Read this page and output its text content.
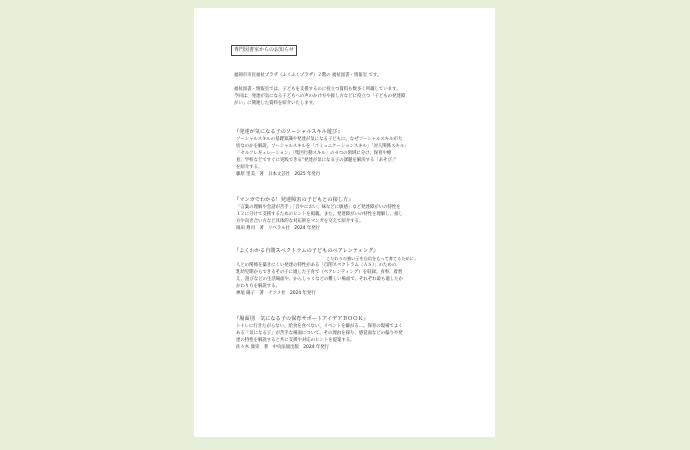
専門図書室からのお知らせ

福岡市市民福祉プラザ（ふくふくプラザ）２階の 福祉図書・情報室 です。

福祉図書・情報室では、子どもを支援するのに役立つ資料も数多く所蔵しています。

今回は、発達が気になる子どもへの声のかけ方や接し方などに役立つ「子どもの発達障

がい」に関連した資料を紹介いたします。

『発達が気になる子のソーシャルスキル遊び』

ソーシャルスキルの基礎知識や発達が気になる子どもに、なぜソーシャルスキルが大

切なのかを解説。ソーシャルスキルを「コミュニケーションスキル」「対人関係スキル」

「セルフレギュレーション」「集団行動スキル」の４つの領域に分け、保育や療

育、学校などですぐに実践できる“発達が気になる子の課題を解決する「あそび」”

を紹介する。

藤原 里美　著　日本文芸社　2025 年発行

『マンガでわかる！発達障害の子どもとの接し方』

「言葉の理解や会話が苦手」「音やにおい、味などに敏感」など発達障がいの特性を

１２に分けて支援するためのヒントを掲載。また、発達障がいの特性を理解し、接し

方や向き合い方など具体的な対応術をマンガを交えて紹介する。

岡田 尊司　著　リベラル社　2024 年発行

『よくわかる自閉スペクトラムの子どものペアレンティング』

こだわりの強い子を自信をもって育てるために」

人との関係を築きにくい発達の特性がある「自閉スペクトラム（ＡＳ）」のための、

乳幼児期からできるその子に適した子育て（ペアレンティング）を収録。食事、着替

え、遊びなどの生活場面や、かんしゃくなどの難しい場面で、それぞれ最も適したか

かわり方を解説する。

神尾 陽子　著　ナツメ社　2024 年発行

『場面別　気になる子の保育サポートアイデアＢＯＯＫ』

トイレに行きたがらない、給食を食べない、イベントを嫌がる…。保育の現場でよく

ある「気になる子」が苦手な場面について、その理由を探り、感覚面などの偏りや発

達の特性を解説すると共に支援や対応のヒントを提案する。

佐々木 康栄　著　中央法規出版　2024 年発行
